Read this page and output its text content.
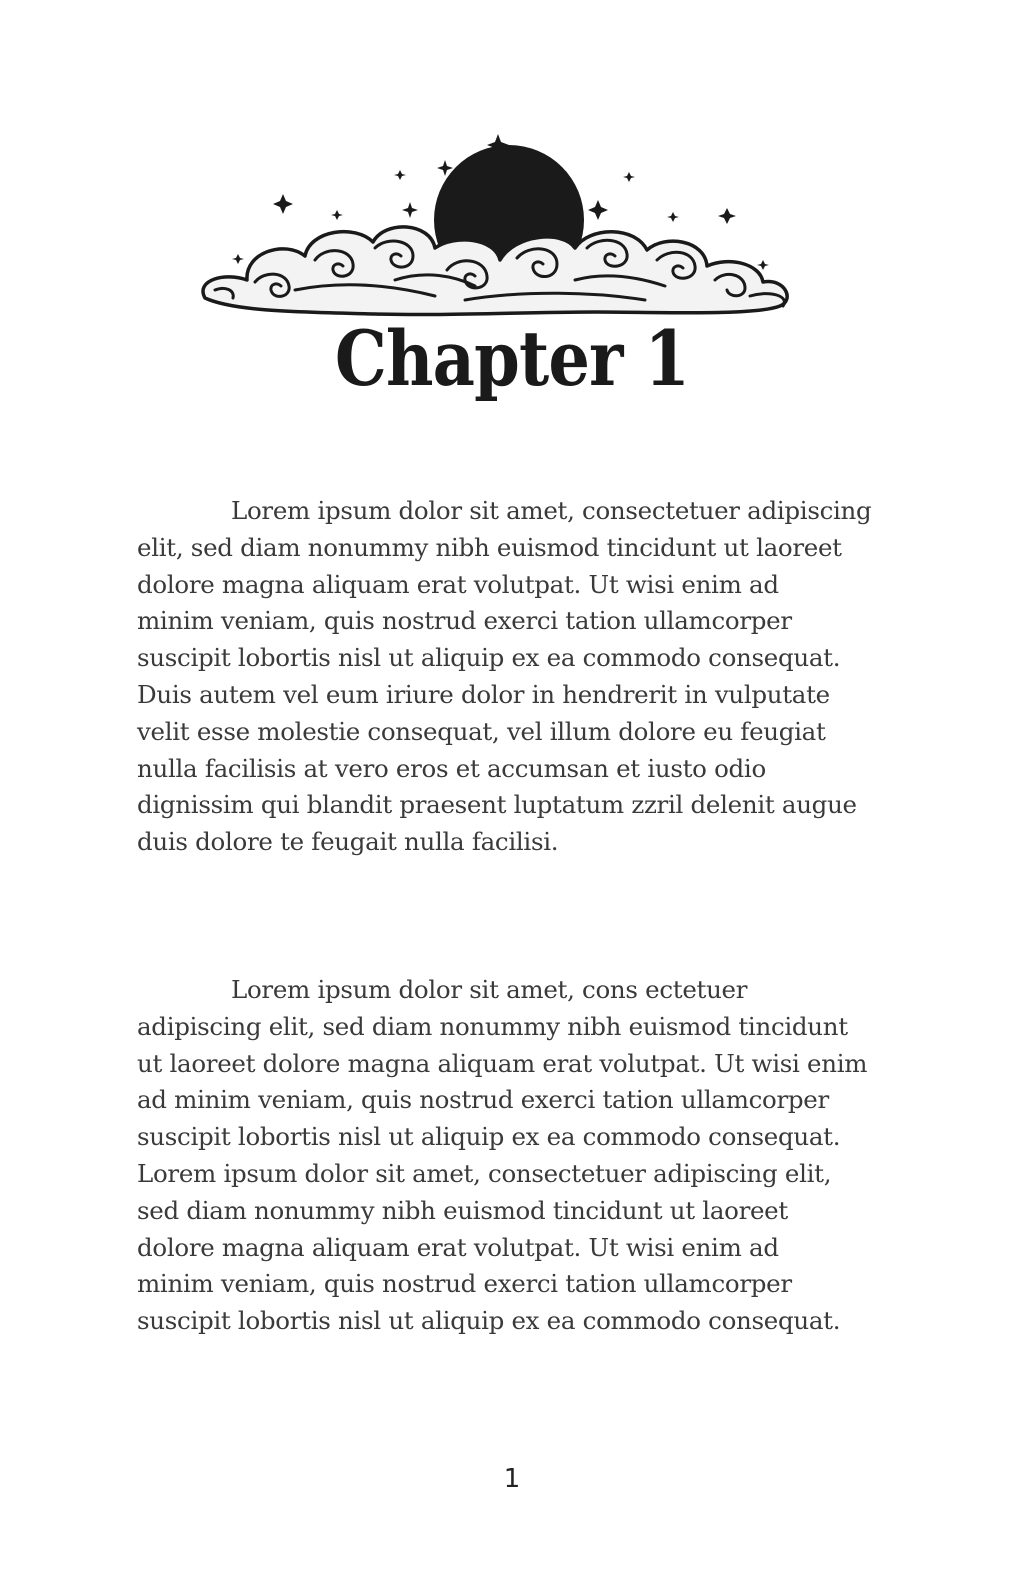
Chapter 1

Lorem ipsum dolor sit amet, consectetuer adipiscing
elit, sed diam nonummy nibh euismod tincidunt ut laoreet
dolore magna aliquam erat volutpat. Ut wisi enim ad
minim veniam, quis nostrud exerci tation ullamcorper
suscipit lobortis nisl ut aliquip ex ea commodo consequat.
Duis autem vel eum iriure dolor in hendrerit in vulputate
velit esse molestie consequat, vel illum dolore eu feugiat
nulla facilisis at vero eros et accumsan et iusto odio
dignissim qui blandit praesent luptatum zzril delenit augue
duis dolore te feugait nulla facilisi.

Lorem ipsum dolor sit amet, cons ectetuer
adipiscing elit, sed diam nonummy nibh euismod tincidunt
ut laoreet dolore magna aliquam erat volutpat. Ut wisi enim
ad minim veniam, quis nostrud exerci tation ullamcorper
suscipit lobortis nisl ut aliquip ex ea commodo consequat.
Lorem ipsum dolor sit amet, consectetuer adipiscing elit,
sed diam nonummy nibh euismod tincidunt ut laoreet
dolore magna aliquam erat volutpat. Ut wisi enim ad
minim veniam, quis nostrud exerci tation ullamcorper
suscipit lobortis nisl ut aliquip ex ea commodo consequat.

1
